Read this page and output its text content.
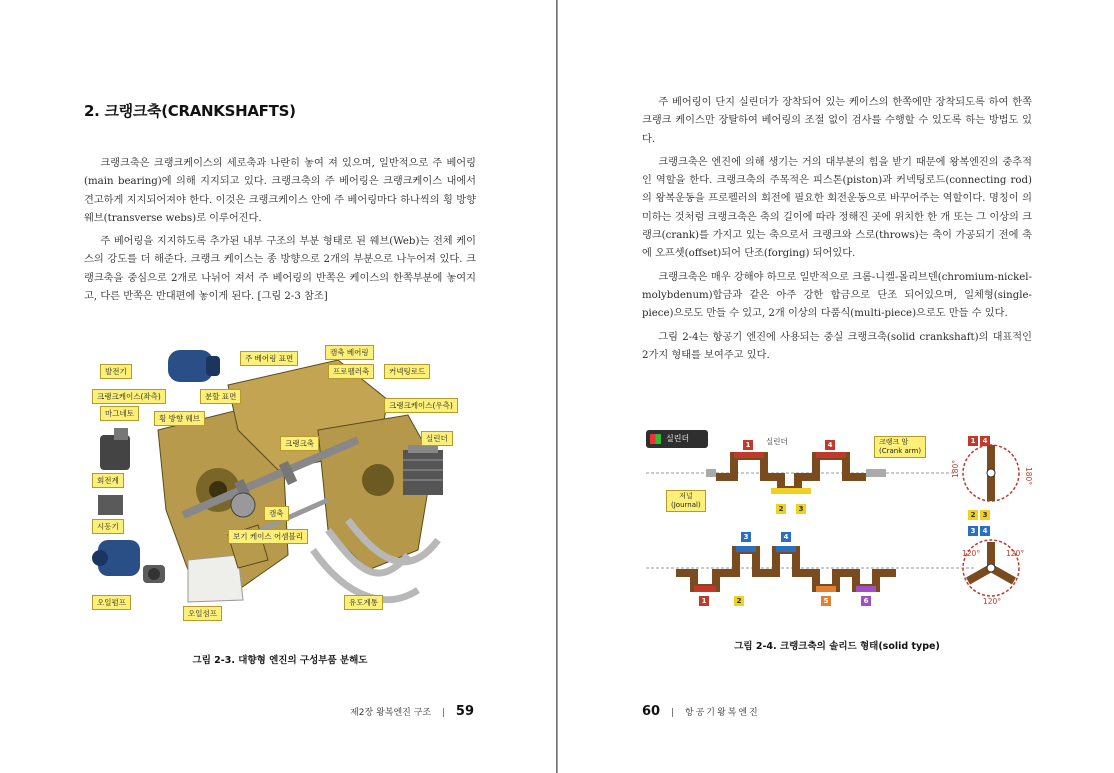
2. 크랭크축(CRANKSHAFTS)

크랭크축은 크랭크케이스의 세로축과 나란히 놓여 져 있으며, 일반적으로 주 베어링(main bearing)에 의해 지지되고 있다. 크랭크축의 주 베어링은 크랭크케이스 내에서 견고하게 지지되어져야 한다. 이것은 크랭크케이스 안에 주 베어링마다 하나씩의 횡 방향 웨브(transverse webs)로 이루어진다.

주 베어링을 지지하도록 추가된 내부 구조의 부분 형태로 된 웨브(Web)는 전체 케이스의 강도를 더 해준다. 크랭크 케이스는 종 방향으로 2개의 부분으로 나누어져 있다. 크랭크축을 중심으로 2개로 나뉘어 져서 주 베어링의 반쪽은 케이스의 한쪽부분에 놓여지고, 다른 반쪽은 반대편에 놓이게 된다. [그림 2-3 참조]

발전기
주 베어링 표면
캠축 베어링
크랭크케이스(좌측)	분할 표면
프로펠러축	커넥팅로드
마그네토
횡 방향 웨브
크랭크케이스(우측)
크랭크축
실린더
회전계
캠축
시동기
보기 케이스 어셈블리
오일펌프
오일섬프
유도계통
그림 2-3. 대향형 엔진의 구성부품 분해도
제2장 왕복엔진 구조 | 59

주 베어링이 단지 실린더가 장착되어 있는 케이스의 한쪽에만 장착되도록 하여 한쪽 크랭크 케이스만 장탈하여 베어링의 조절 없이 검사를 수행할 수 있도록 하는 방법도 있다.

크랭크축은 엔진에 의해 생기는 거의 대부분의 힘을 받기 때문에 왕복엔진의 중추적인 역할을 한다. 크랭크축의 주목적은 피스톤(piston)과 커넥팅로드(connecting rod)의 왕복운동을 프로펠러의 회전에 필요한 회전운동으로 바꾸어주는 역할이다. 명칭이 의미하는 것처럼 크랭크축은 축의 길이에 따라 정해진 곳에 위치한 한 개 또는 그 이상의 크랭크(crank)를 가지고 있는 축으로서 크랭크와 스로(throws)는 축이 가공되기 전에 축에 오프셋(offset)되어 단조(forging) 되어있다.

크랭크축은 매우 강해야 하므로 일반적으로 크롬-니켈-몰리브덴(chromium-nickel-molybdenum)합금과 같은 아주 강한 합금으로 단조 되어있으며, 일체형(single-piece)으로도 만들 수 있고, 2개 이상의 다품식(multi-piece)으로도 만들 수 있다.

그림 2-4는 항공기 엔진에 사용되는 중실 크랭크축(solid crankshaft)의 대표적인 2가지 형태를 보여주고 있다.

180°	180°
120°	120°
120°
실린더	실린더	크랭크 암
(Crank arm)
저널
(Journal)
1	4
2	3
1	4
2	3
3	4
1	2	5	6
3	4
그림 2-4. 크랭크축의 솔리드 형태(solid type)
60 | 항공기왕복엔진
